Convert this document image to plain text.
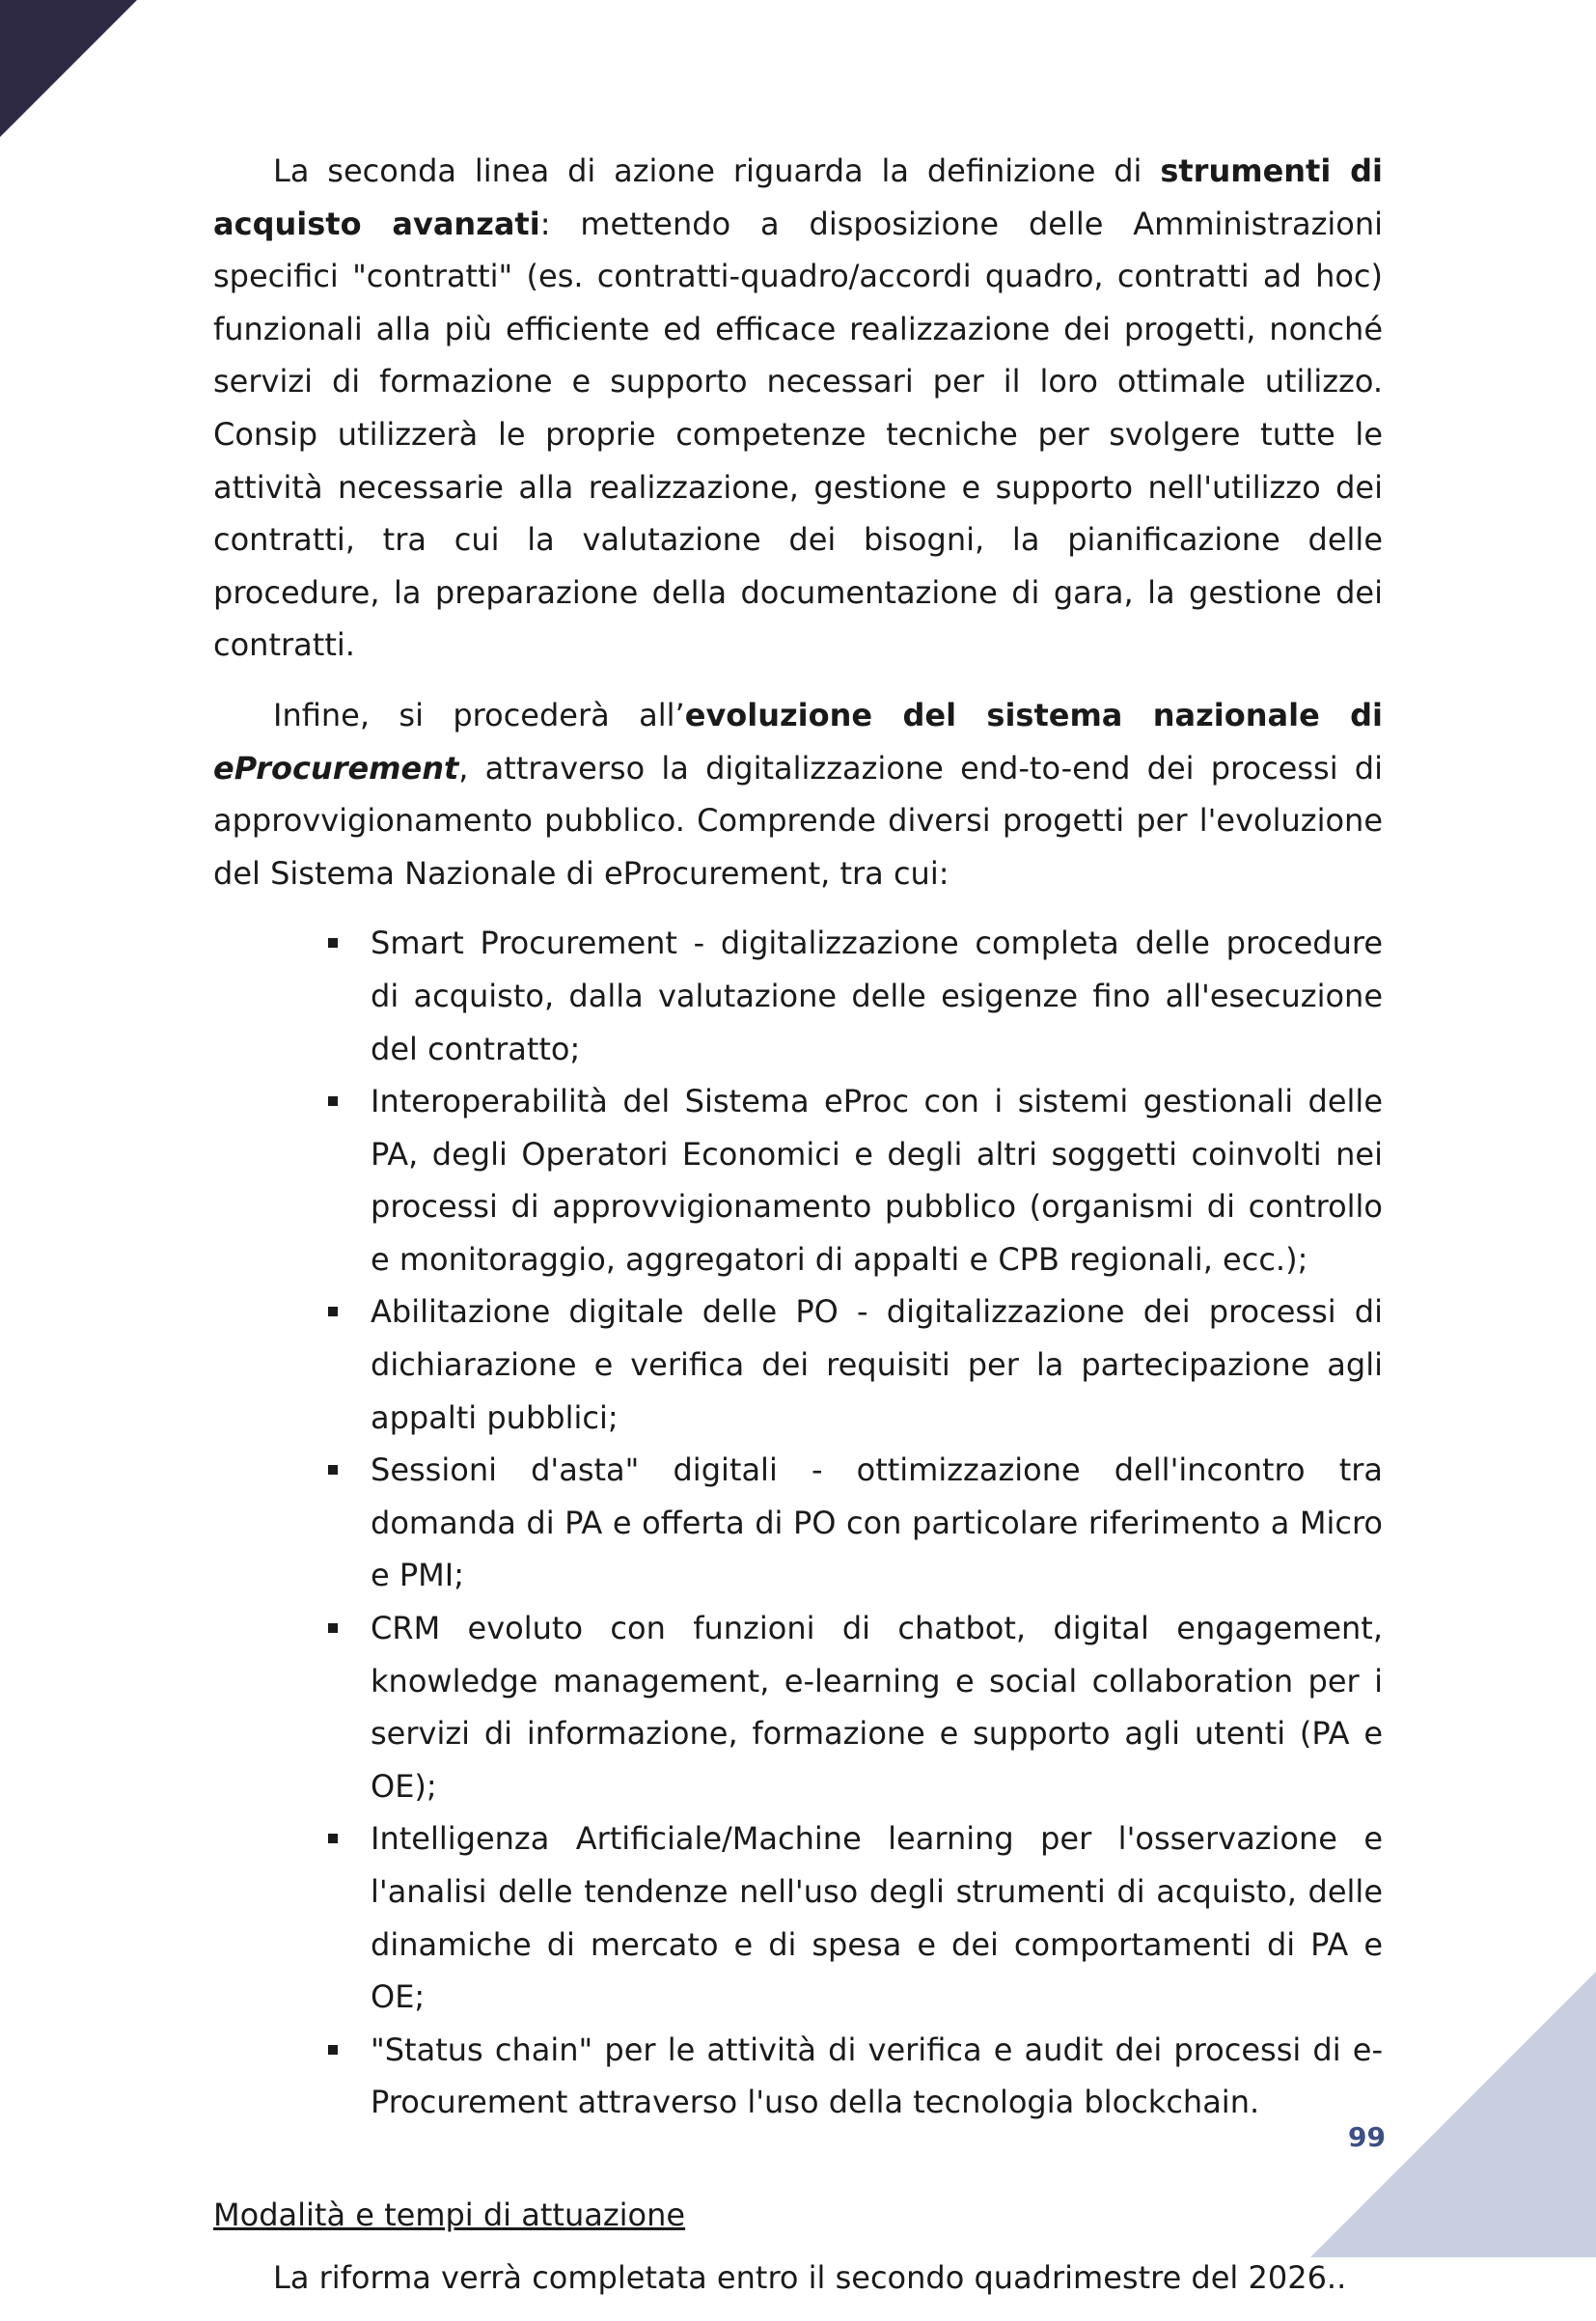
La seconda linea di azione riguarda la definizione di strumenti di acquisto avanzati: mettendo a disposizione delle Amministrazioni specifici "contratti" (es. contratti-quadro/accordi quadro, contratti ad hoc) funzionali alla più efficiente ed efficace realizzazione dei progetti, nonché servizi di formazione e supporto necessari per il loro ottimale utilizzo. Consip utilizzerà le proprie competenze tecniche per svolgere tutte le attività necessarie alla realizzazione, gestione e supporto nell'utilizzo dei contratti, tra cui la valutazione dei bisogni, la pianificazione delle procedure, la preparazione della documentazione di gara, la gestione dei contratti.

Infine, si procederà all’evoluzione del sistema nazionale di eProcurement, attraverso la digitalizzazione end-to-end dei processi di approvvigionamento pubblico. Comprende diversi progetti per l'evoluzione del Sistema Nazionale di eProcurement, tra cui:

Smart Procurement - digitalizzazione completa delle procedure di acquisto, dalla valutazione delle esigenze fino all'esecuzione del contratto;
Interoperabilità del Sistema eProc con i sistemi gestionali delle PA, degli Operatori Economici e degli altri soggetti coinvolti nei processi di approvvigionamento pubblico (organismi di controllo e monitoraggio, aggregatori di appalti e CPB regionali, ecc.);
Abilitazione digitale delle PO - digitalizzazione dei processi di dichiarazione e verifica dei requisiti per la partecipazione agli appalti pubblici;
Sessioni d'asta" digitali - ottimizzazione dell'incontro tra domanda di PA e offerta di PO con particolare riferimento a Micro e PMI;
CRM evoluto con funzioni di chatbot, digital engagement, knowledge management, e-learning e social collaboration per i servizi di informazione, formazione e supporto agli utenti (PA e OE);
Intelligenza Artificiale/Machine learning per l'osservazione e l'analisi delle tendenze nell'uso degli strumenti di acquisto, delle dinamiche di mercato e di spesa e dei comportamenti di PA e OE;
"Status chain" per le attività di verifica e audit dei processi di e-Procurement attraverso l'uso della tecnologia blockchain.
Modalità e tempi di attuazione

La riforma verrà completata entro il secondo quadrimestre del 2026..

99
